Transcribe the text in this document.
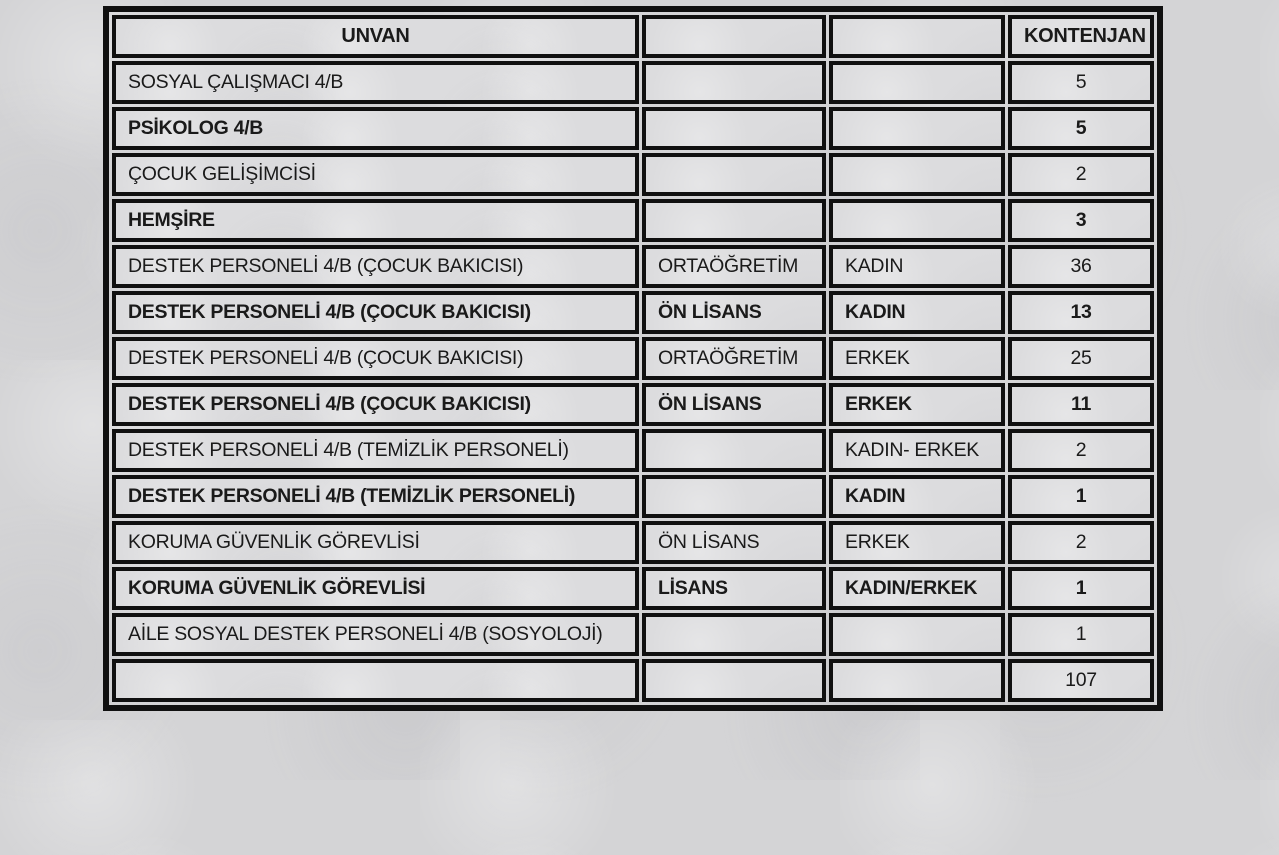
UNVAN			KONTENJAN
SOSYAL ÇALIŞMACI 4/B			5
PSİKOLOG 4/B			5
ÇOCUK GELİŞİMCİSİ			2
HEMŞİRE			3
DESTEK PERSONELİ 4/B (ÇOCUK BAKICISI)	ORTAÖĞRETİM	KADIN	36
DESTEK PERSONELİ 4/B (ÇOCUK BAKICISI)	ÖN LİSANS	KADIN	13
DESTEK PERSONELİ 4/B (ÇOCUK BAKICISI)	ORTAÖĞRETİM	ERKEK	25
DESTEK PERSONELİ 4/B (ÇOCUK BAKICISI)	ÖN LİSANS	ERKEK	11
DESTEK PERSONELİ 4/B (TEMİZLİK PERSONELİ)		KADIN- ERKEK	2
DESTEK PERSONELİ 4/B (TEMİZLİK PERSONELİ)		KADIN	1
KORUMA GÜVENLİK GÖREVLİSİ	ÖN LİSANS	ERKEK	2
KORUMA GÜVENLİK GÖREVLİSİ	LİSANS	KADIN/ERKEK	1
AİLE SOSYAL DESTEK PERSONELİ 4/B (SOSYOLOJİ)			1
			107
